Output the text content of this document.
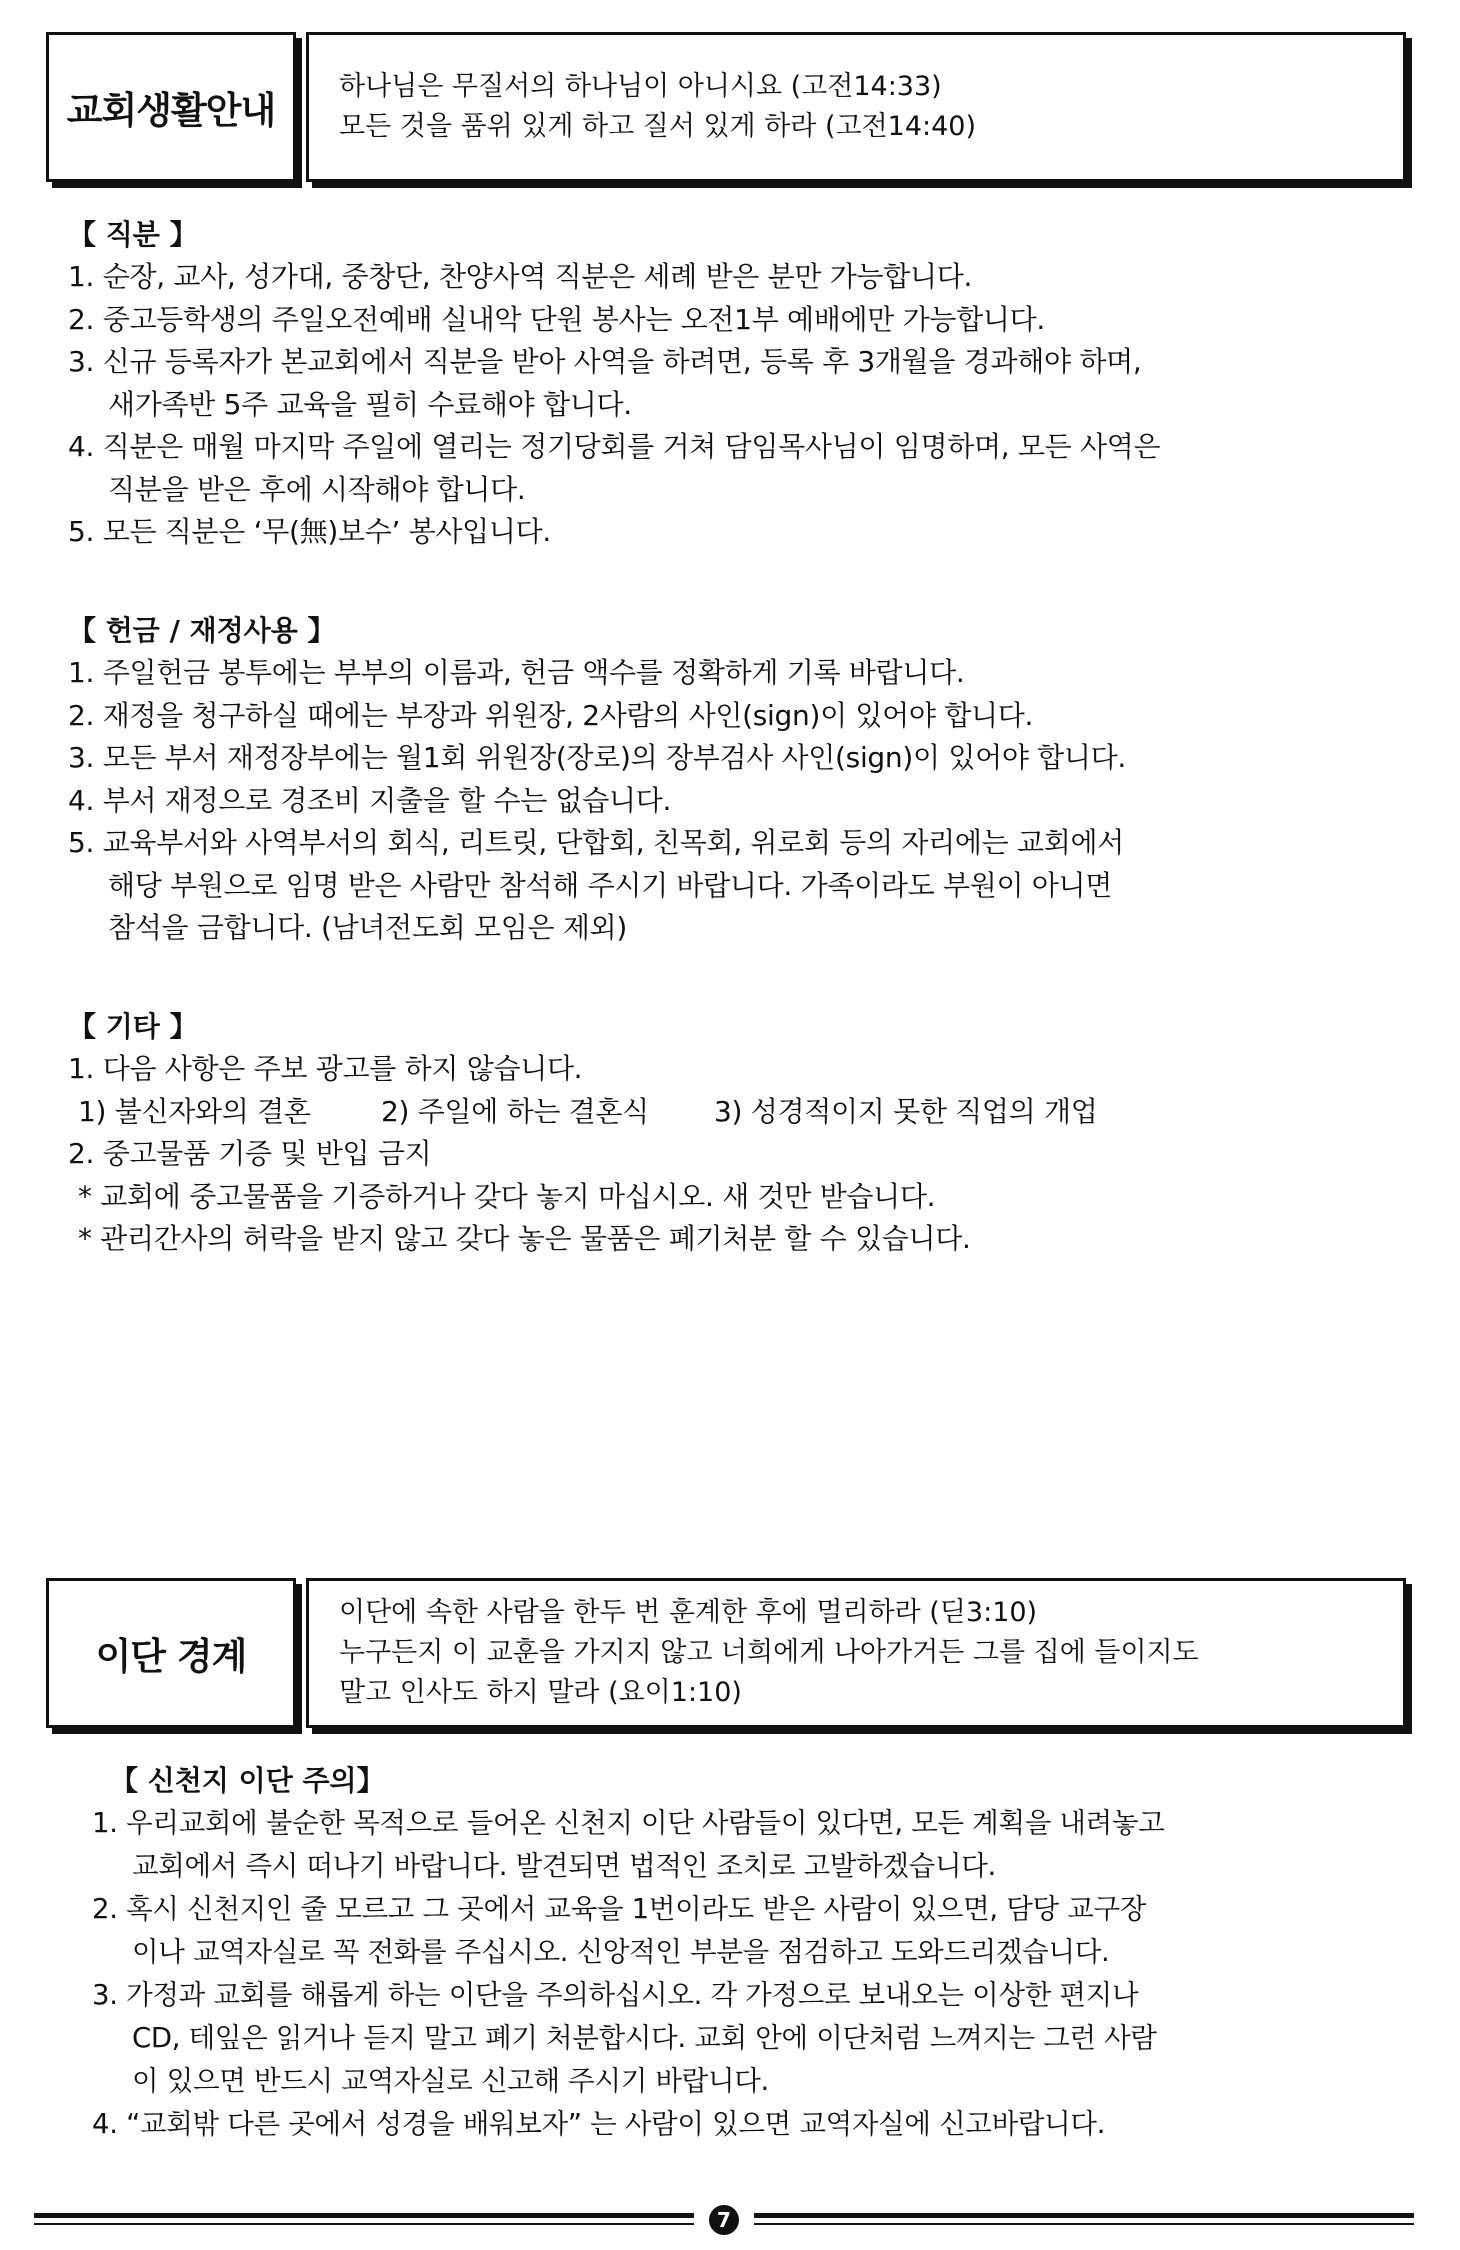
교회생활안내
하나님은 무질서의 하나님이 아니시요 (고전14:33)
모든 것을 품위 있게 하고 질서 있게 하라 (고전14:40)
【 직분 】
1. 순장, 교사, 성가대, 중창단, 찬양사역 직분은 세례 받은 분만 가능합니다.
2. 중고등학생의 주일오전예배 실내악 단원 봉사는 오전1부 예배에만 가능합니다.
3. 신규 등록자가 본교회에서 직분을 받아 사역을 하려면, 등록 후 3개월을 경과해야 하며,
새가족반 5주 교육을 필히 수료해야 합니다.
4. 직분은 매월 마지막 주일에 열리는 정기당회를 거쳐 담임목사님이 임명하며, 모든 사역은
직분을 받은 후에 시작해야 합니다.
5. 모든 직분은 ‘무(無)보수’ 봉사입니다.
【 헌금 / 재정사용 】
1. 주일헌금 봉투에는 부부의 이름과, 헌금 액수를 정확하게 기록 바랍니다.
2. 재정을 청구하실 때에는 부장과 위원장, 2사람의 사인(sign)이 있어야 합니다.
3. 모든 부서 재정장부에는 월1회 위원장(장로)의 장부검사 사인(sign)이 있어야 합니다.
4. 부서 재정으로 경조비 지출을 할 수는 없습니다.
5. 교육부서와 사역부서의 회식, 리트릿, 단합회, 친목회, 위로회 등의 자리에는 교회에서
해당 부원으로 임명 받은 사람만 참석해 주시기 바랍니다. 가족이라도 부원이 아니면
참석을 금합니다. (남녀전도회 모임은 제외)
【 기타 】
1. 다음 사항은 주보 광고를 하지 않습니다.
1) 불신자와의 결혼	2) 주일에 하는 결혼식 3) 성경적이지 못한 직업의 개업
2. 중고물품 기증 및 반입 금지
* 교회에 중고물품을 기증하거나 갖다 놓지 마십시오. 새 것만 받습니다.
* 관리간사의 허락을 받지 않고 갖다 놓은 물품은 폐기처분 할 수 있습니다.
이단 경계
이단에 속한 사람을 한두 번 훈계한 후에 멀리하라 (딛3:10)
누구든지 이 교훈을 가지지 않고 너희에게 나아가거든 그를 집에 들이지도
말고 인사도 하지 말라 (요이1:10)
【 신천지 이단 주의】
1. 우리교회에 불순한 목적으로 들어온 신천지 이단 사람들이 있다면, 모든 계획을 내려놓고
교회에서 즉시 떠나기 바랍니다. 발견되면 법적인 조치로 고발하겠습니다.
2. 혹시 신천지인 줄 모르고 그 곳에서 교육을 1번이라도 받은 사람이 있으면, 담당 교구장
이나 교역자실로 꼭 전화를 주십시오. 신앙적인 부분을 점검하고 도와드리겠습니다.
3. 가정과 교회를 해롭게 하는 이단을 주의하십시오. 각 가정으로 보내오는 이상한 편지나
CD, 테잎은 읽거나 듣지 말고 폐기 처분합시다. 교회 안에 이단처럼 느껴지는 그런 사람
이 있으면 반드시 교역자실로 신고해 주시기 바랍니다.
4. “교회밖 다른 곳에서 성경을 배워보자” 는 사람이 있으면 교역자실에 신고바랍니다.
7
